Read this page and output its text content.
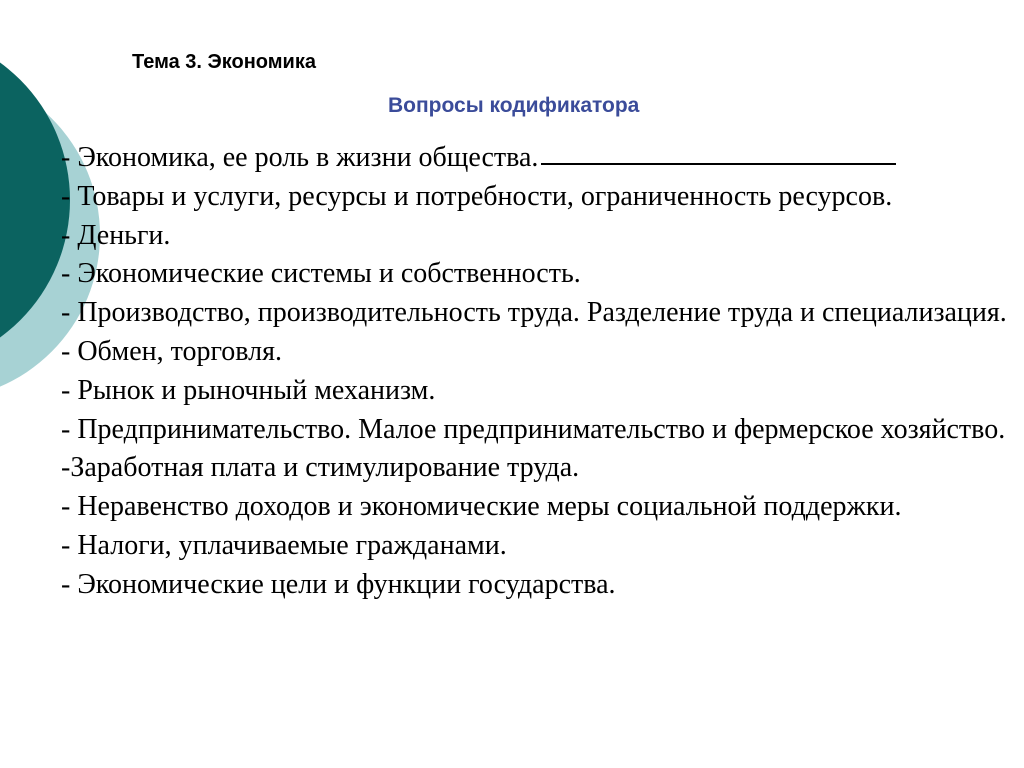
Тема 3. Экономика
Вопросы кодификатора
- Экономика, ее роль в жизни общества.
- Товары и услуги, ресурсы и потребности, ограниченность ресурсов.
- Деньги.
- Экономические системы и собственность.
- Производство, производительность труда. Разделение труда и специализация.
- Обмен, торговля.
- Рынок и рыночный механизм.
- Предпринимательство. Малое предпринимательство и фермерское хозяйство.
-Заработная плата и стимулирование труда.
- Неравенство доходов и экономические меры социальной поддержки.
- Налоги, уплачиваемые гражданами.
- Экономические цели и функции государства.
